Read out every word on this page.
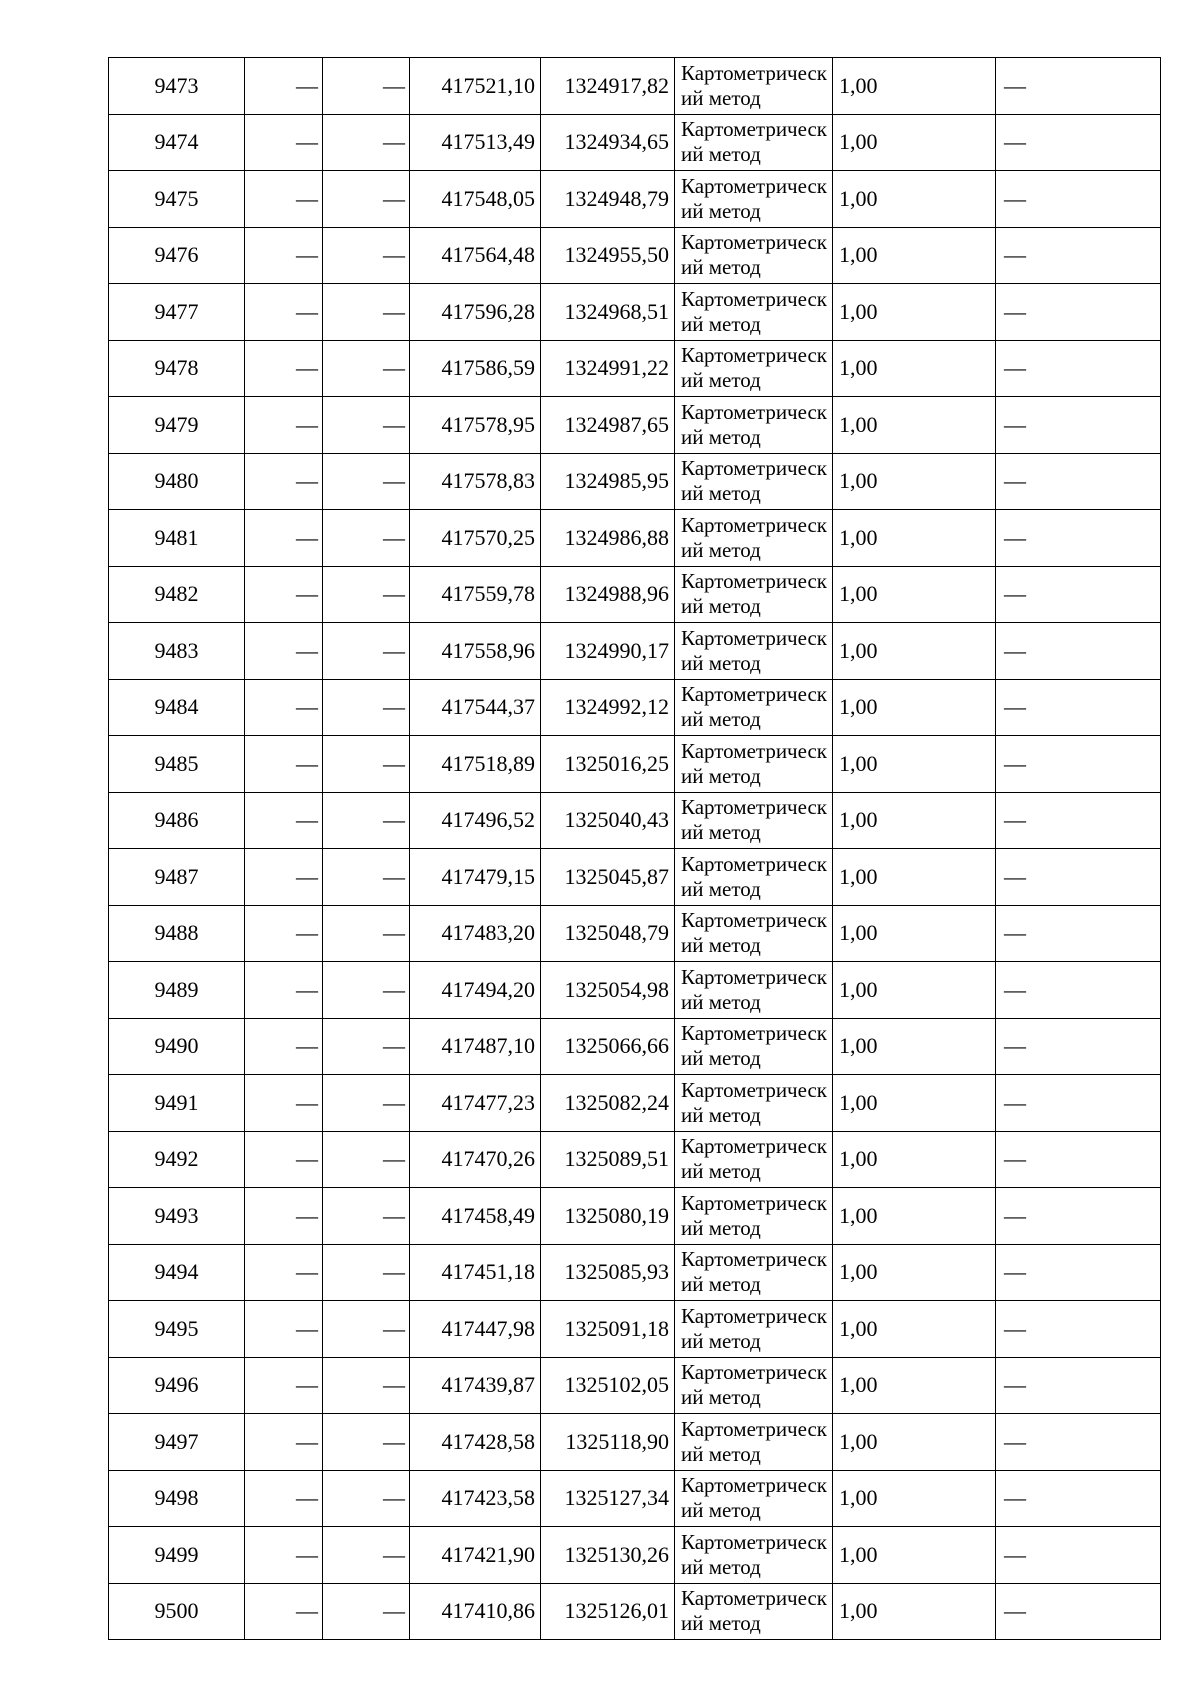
9473	—	—	417521,10	1324917,82	Картометрический метод	1,00	—
9474	—	—	417513,49	1324934,65	Картометрический метод	1,00	—
9475	—	—	417548,05	1324948,79	Картометрический метод	1,00	—
9476	—	—	417564,48	1324955,50	Картометрический метод	1,00	—
9477	—	—	417596,28	1324968,51	Картометрический метод	1,00	—
9478	—	—	417586,59	1324991,22	Картометрический метод	1,00	—
9479	—	—	417578,95	1324987,65	Картометрический метод	1,00	—
9480	—	—	417578,83	1324985,95	Картометрический метод	1,00	—
9481	—	—	417570,25	1324986,88	Картометрический метод	1,00	—
9482	—	—	417559,78	1324988,96	Картометрический метод	1,00	—
9483	—	—	417558,96	1324990,17	Картометрический метод	1,00	—
9484	—	—	417544,37	1324992,12	Картометрический метод	1,00	—
9485	—	—	417518,89	1325016,25	Картометрический метод	1,00	—
9486	—	—	417496,52	1325040,43	Картометрический метод	1,00	—
9487	—	—	417479,15	1325045,87	Картометрический метод	1,00	—
9488	—	—	417483,20	1325048,79	Картометрический метод	1,00	—
9489	—	—	417494,20	1325054,98	Картометрический метод	1,00	—
9490	—	—	417487,10	1325066,66	Картометрический метод	1,00	—
9491	—	—	417477,23	1325082,24	Картометрический метод	1,00	—
9492	—	—	417470,26	1325089,51	Картометрический метод	1,00	—
9493	—	—	417458,49	1325080,19	Картометрический метод	1,00	—
9494	—	—	417451,18	1325085,93	Картометрический метод	1,00	—
9495	—	—	417447,98	1325091,18	Картометрический метод	1,00	—
9496	—	—	417439,87	1325102,05	Картометрический метод	1,00	—
9497	—	—	417428,58	1325118,90	Картометрический метод	1,00	—
9498	—	—	417423,58	1325127,34	Картометрический метод	1,00	—
9499	—	—	417421,90	1325130,26	Картометрический метод	1,00	—
9500	—	—	417410,86	1325126,01	Картометрический метод	1,00	—
